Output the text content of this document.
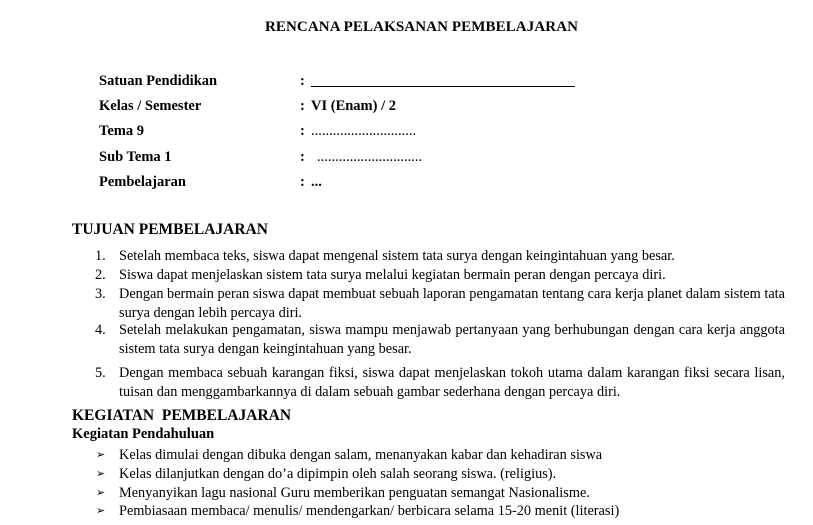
RENCANA PELAKSANAN PEMBELAJARAN
Satuan Pendidikan	:
Kelas / Semester	: VI (Enam) / 2
Tema 9	: .............................
Sub Tema 1	: .............................
Pembelajaran	: ...
TUJUAN PEMBELAJARAN
1. Setelah membaca teks, siswa dapat mengenal sistem tata surya dengan keingintahuan yang besar.
2. Siswa dapat menjelaskan sistem tata surya melalui kegiatan bermain peran dengan percaya diri.
3. Dengan bermain peran siswa dapat membuat sebuah laporan pengamatan tentang cara kerja planet dalam sistem tata surya dengan lebih percaya diri.
4. Setelah melakukan pengamatan, siswa mampu menjawab pertanyaan yang berhubungan dengan cara kerja anggota sistem tata surya dengan keingintahuan yang besar.
5. Dengan membaca sebuah karangan fiksi, siswa dapat menjelaskan tokoh utama dalam karangan fiksi secara lisan, tuisan dan menggambarkannya di dalam sebuah gambar sederhana dengan percaya diri.
KEGIATAN  PEMBELAJARAN
Kegiatan Pendahuluan
➢ Kelas dimulai dengan dibuka dengan salam, menanyakan kabar dan kehadiran siswa
➢ Kelas dilanjutkan dengan do’a dipimpin oleh salah seorang siswa. (religius).
➢ Menyanyikan lagu nasional Guru memberikan penguatan semangat Nasionalisme.
➢ Pembiasaan membaca/ menulis/ mendengarkan/ berbicara selama 15-20 menit (literasi)
